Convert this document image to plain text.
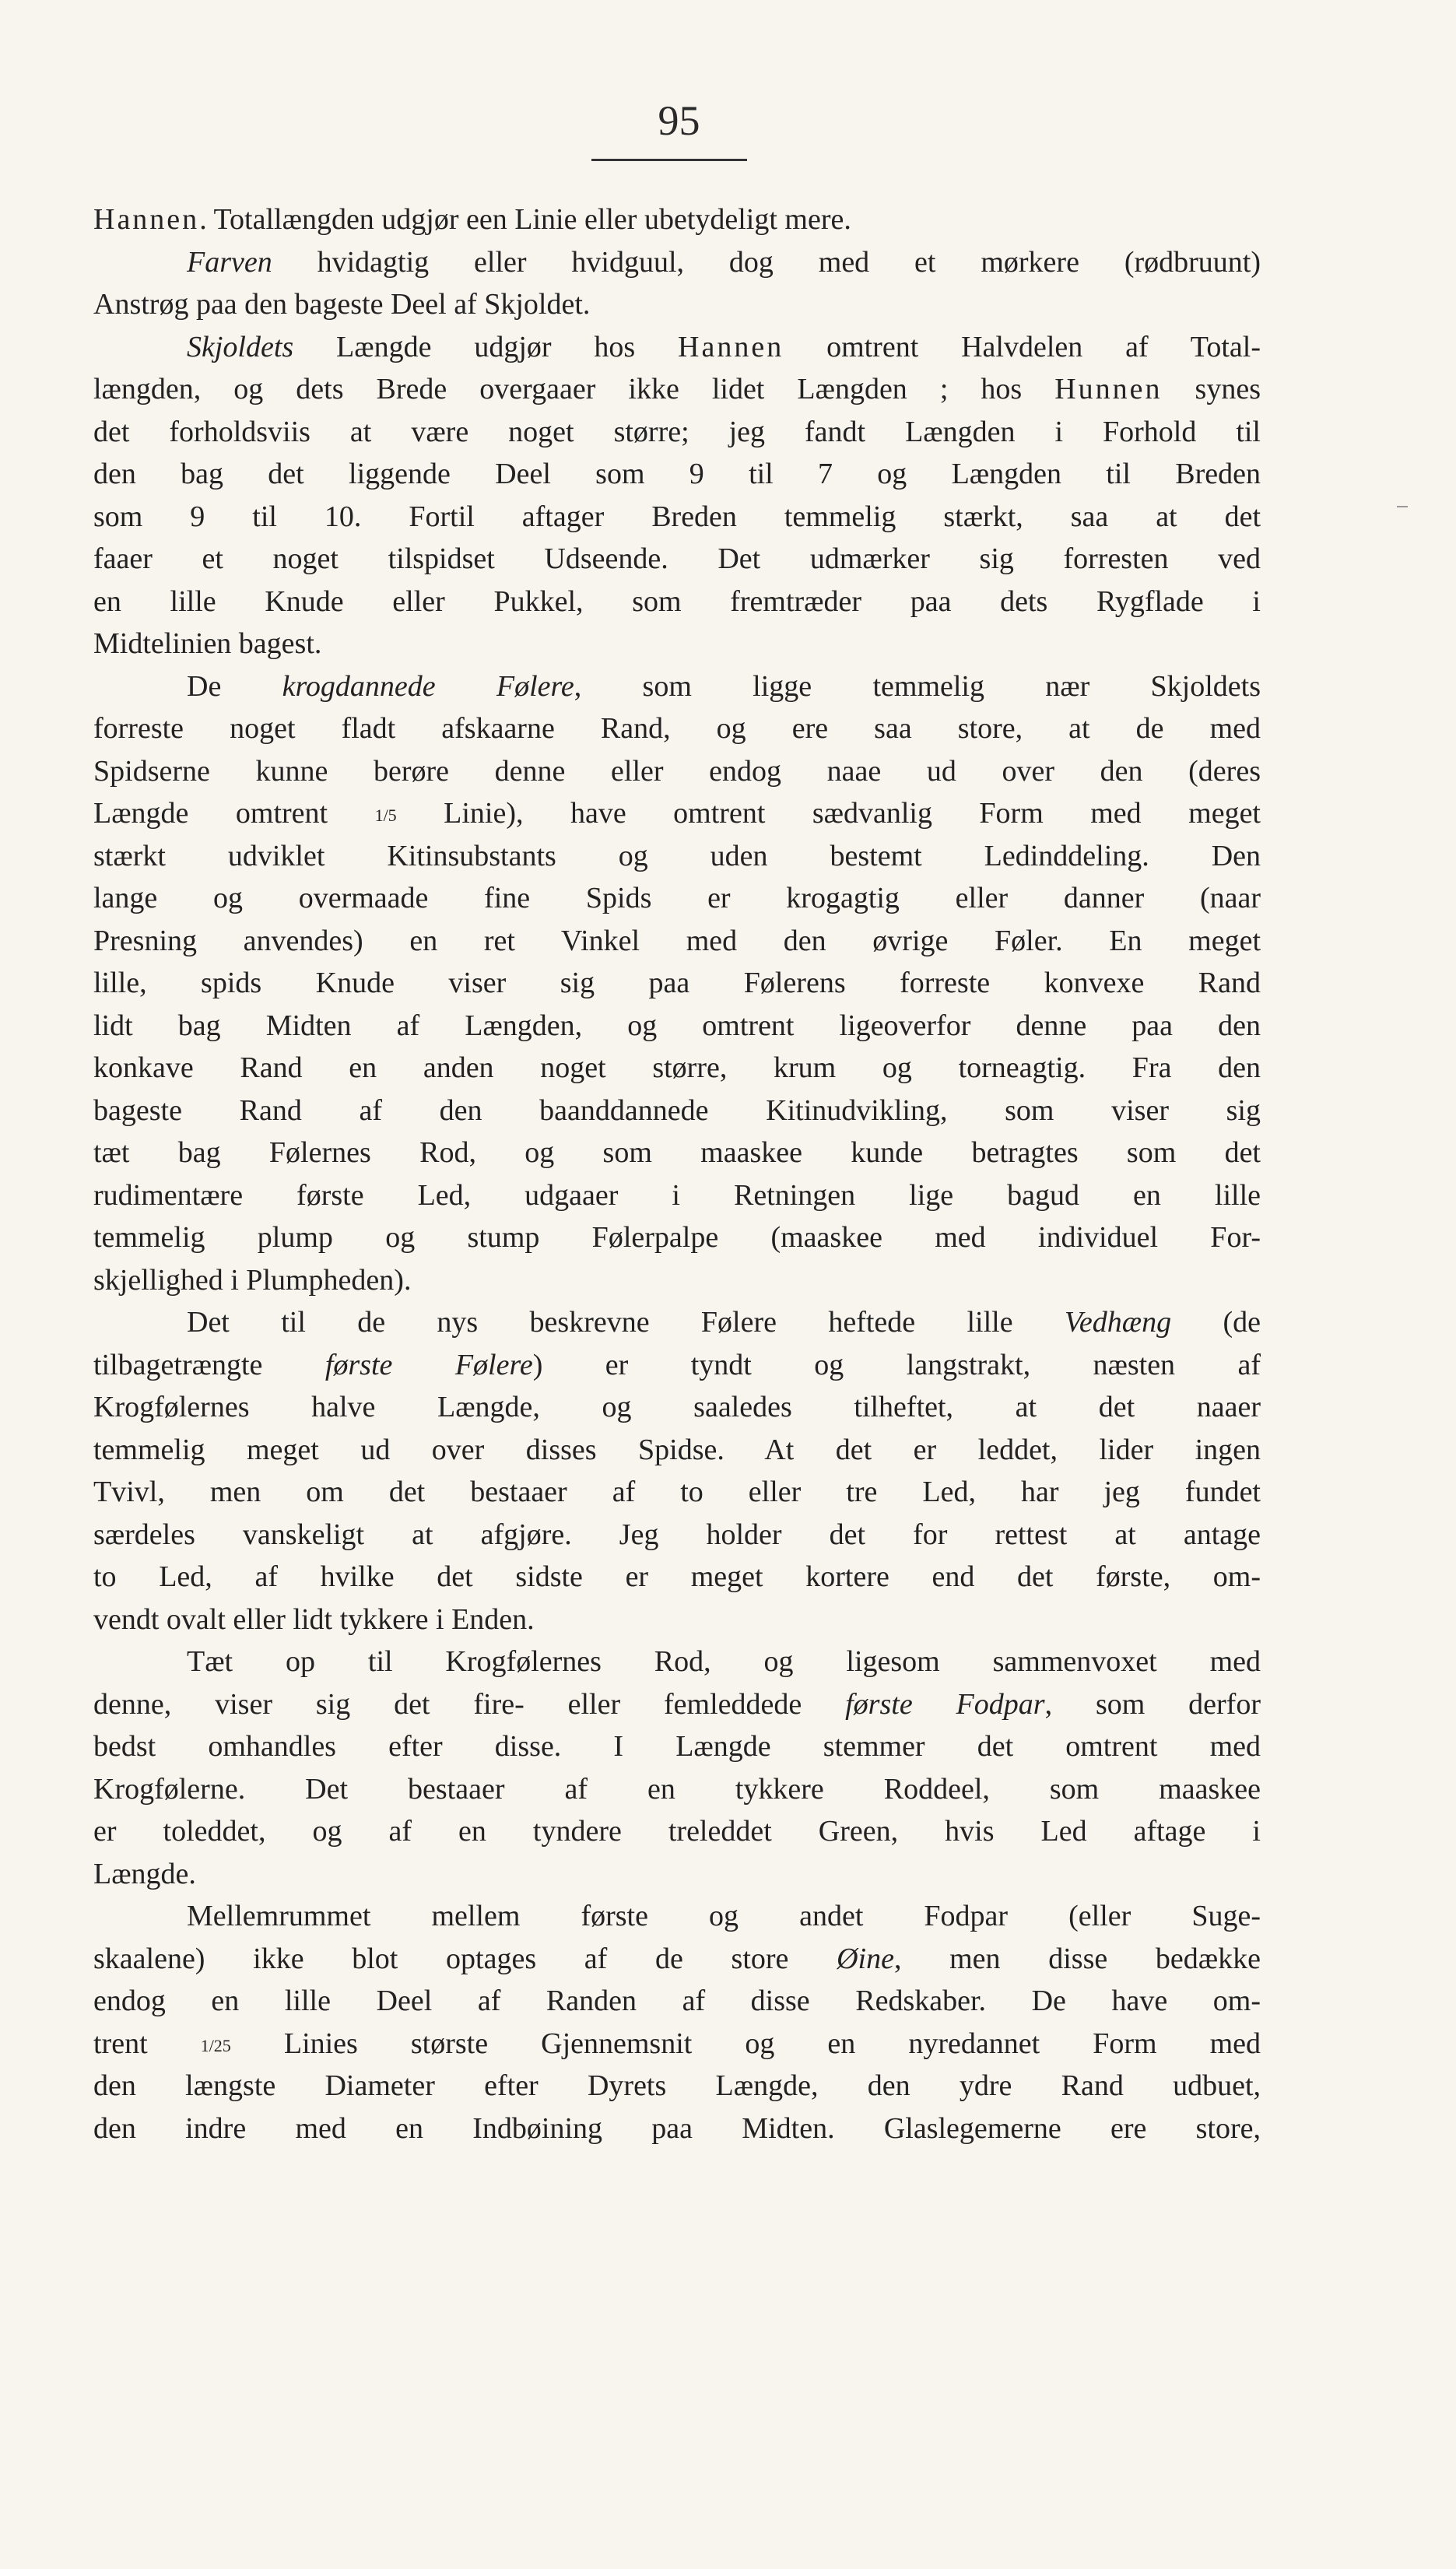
95
Hannen. Totallængden udgjør een Linie eller ubetydeligt mere.
Farven hvidagtig eller hvidguul, dog med et mørkere (rødbruunt)
Anstrøg paa den bageste Deel af Skjoldet.
Skjoldets Længde udgjør hos Hannen omtrent Halvdelen af Total-
længden, og dets Brede overgaaer ikke lidet Længden ; hos Hunnen synes
det forholdsviis at være noget større; jeg fandt Længden i Forhold til
den bag det liggende Deel som 9 til 7 og Længden til Breden
som 9 til 10. Fortil aftager Breden temmelig stærkt, saa at det
faaer et noget tilspidset Udseende. Det udmærker sig forresten ved
en lille Knude eller Pukkel, som fremtræder paa dets Rygflade i
Midtelinien bagest.
De krogdannede Følere, som ligge temmelig nær Skjoldets
forreste noget fladt afskaarne Rand, og ere saa store, at de med
Spidserne kunne berøre denne eller endog naae ud over den (deres
Længde omtrent 1/5 Linie), have omtrent sædvanlig Form med meget
stærkt udviklet Kitinsubstants og uden bestemt Ledinddeling. Den
lange og overmaade fine Spids er krogagtig eller danner (naar
Presning anvendes) en ret Vinkel med den øvrige Føler. En meget
lille, spids Knude viser sig paa Følerens forreste konvexe Rand
lidt bag Midten af Længden, og omtrent ligeoverfor denne paa den
konkave Rand en anden noget større, krum og torneagtig. Fra den
bageste Rand af den baanddannede Kitinudvikling, som viser sig
tæt bag Følernes Rod, og som maaskee kunde betragtes som det
rudimentære første Led, udgaaer i Retningen lige bagud en lille
temmelig plump og stump Følerpalpe (maaskee med individuel For-
skjellighed i Plumpheden).
Det til de nys beskrevne Følere heftede lille Vedhæng (de
tilbagetrængte første Følere) er tyndt og langstrakt, næsten af
Krogfølernes halve Længde, og saaledes tilheftet, at det naaer
temmelig meget ud over disses Spidse. At det er leddet, lider ingen
Tvivl, men om det bestaaer af to eller tre Led, har jeg fundet
særdeles vanskeligt at afgjøre. Jeg holder det for rettest at antage
to Led, af hvilke det sidste er meget kortere end det første, om-
vendt ovalt eller lidt tykkere i Enden.
Tæt op til Krogfølernes Rod, og ligesom sammenvoxet med
denne, viser sig det fire- eller femleddede første Fodpar, som derfor
bedst omhandles efter disse. I Længde stemmer det omtrent med
Krogfølerne. Det bestaaer af en tykkere Roddeel, som maaskee
er toleddet, og af en tyndere treleddet Green, hvis Led aftage i
Længde.
Mellemrummet mellem første og andet Fodpar (eller Suge-
skaalene) ikke blot optages af de store Øine, men disse bedække
endog en lille Deel af Randen af disse Redskaber. De have om-
trent 1/25 Linies største Gjennemsnit og en nyredannet Form med
den længste Diameter efter Dyrets Længde, den ydre Rand udbuet,
den indre med en Indbøining paa Midten. Glaslegemerne ere store,
